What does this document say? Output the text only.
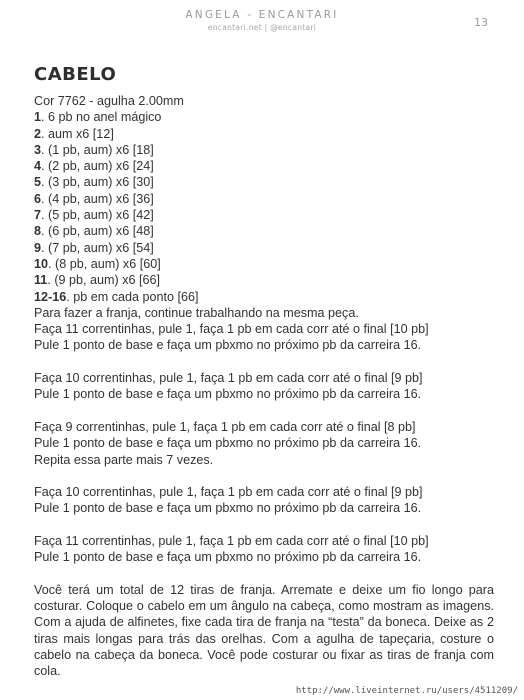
ANGELA - ENCANTARI
encantari.net | @encantari	13
CABELO
Cor 7762 - agulha 2.00mm
1. 6 pb no anel mágico
2. aum x6 [12]
3. (1 pb, aum) x6 [18]
4. (2 pb, aum) x6 [24]
5. (3 pb, aum) x6 [30]
6. (4 pb, aum) x6 [36]
7. (5 pb, aum) x6 [42]
8. (6 pb, aum) x6 [48]
9. (7 pb, aum) x6 [54]
10. (8 pb, aum) x6 [60]
11. (9 pb, aum) x6 [66]
12-16. pb em cada ponto [66]
Para fazer a franja, continue trabalhando na mesma peça.
Faça 11 correntinhas, pule 1, faça 1 pb em cada corr até o final [10 pb]
Pule 1 ponto de base e faça um pbxmo no próximo pb da carreira 16.
Faça 10 correntinhas, pule 1, faça 1 pb em cada corr até o final [9 pb]
Pule 1 ponto de base e faça um pbxmo no próximo pb da carreira 16.
Faça 9 correntinhas, pule 1, faça 1 pb em cada corr até o final [8 pb]
Pule 1 ponto de base e faça um pbxmo no próximo pb da carreira 16.
Repita essa parte mais 7 vezes.
Faça 10 correntinhas, pule 1, faça 1 pb em cada corr até o final [9 pb]
Pule 1 ponto de base e faça um pbxmo no próximo pb da carreira 16.
Faça 11 correntinhas, pule 1, faça 1 pb em cada corr até o final [10 pb]
Pule 1 ponto de base e faça um pbxmo no próximo pb da carreira 16.

Você terá um total de 12 tiras de franja. Arremate e deixe um fio longo para costurar. Coloque o cabelo em um ângulo na cabeça, como mostram as imagens. Com a ajuda de alfinetes, fixe cada tira de franja na “testa” da boneca. Deixe as 2 tiras mais longas para trás das orelhas. Com a agulha de tapeçaria, costure o cabelo na cabeça da boneca. Você pode costurar ou fixar as tiras de franja com cola.

http://www.liveinternet.ru/users/4511209/
